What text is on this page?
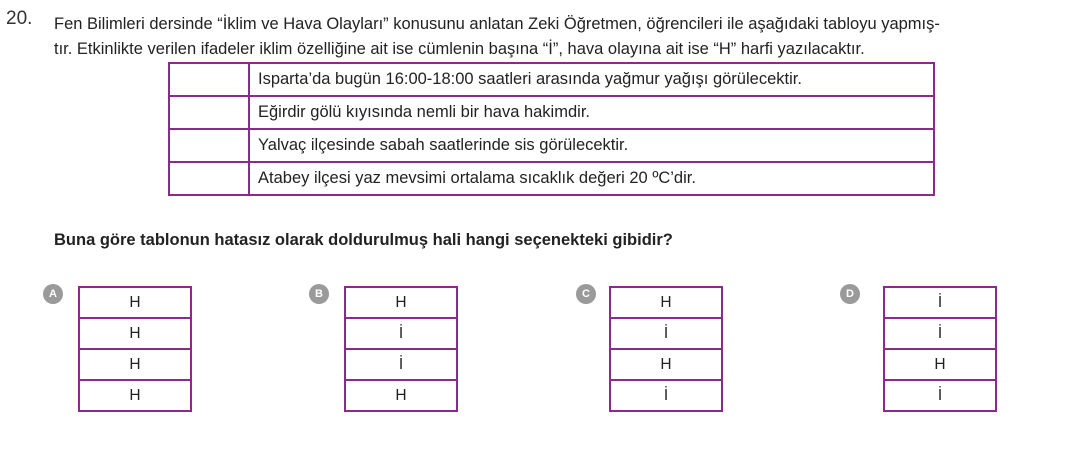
20. Fen Bilimleri dersinde “İklim ve Hava Olayları” konusunu anlatan Zeki Öğretmen, öğrencileri ile aşağıdaki tabloyu yapmış-

tır. Etkinlikte verilen ifadeler iklim özelliğine ait ise cümlenin başına “İ”, hava olayına ait ise “H” harfi yazılacaktır.

	Isparta’da bugün 16:00-18:00 saatleri arasında yağmur yağışı görülecektir.
	Eğirdir gölü kıyısında nemli bir hava hakimdir.
	Yalvaç ilçesinde sabah saatlerinde sis görülecektir.
	Atabey ilçesi yaz mevsimi ortalama sıcaklık değeri 20 ºC’dir.
Buna göre tablonun hatasız olarak doldurulmuş hali hangi seçenekteki gibidir?
A	H
H
H
H
B	H
İ
İ
H
C	H
İ
H
İ
D	İ
İ
H
İ
